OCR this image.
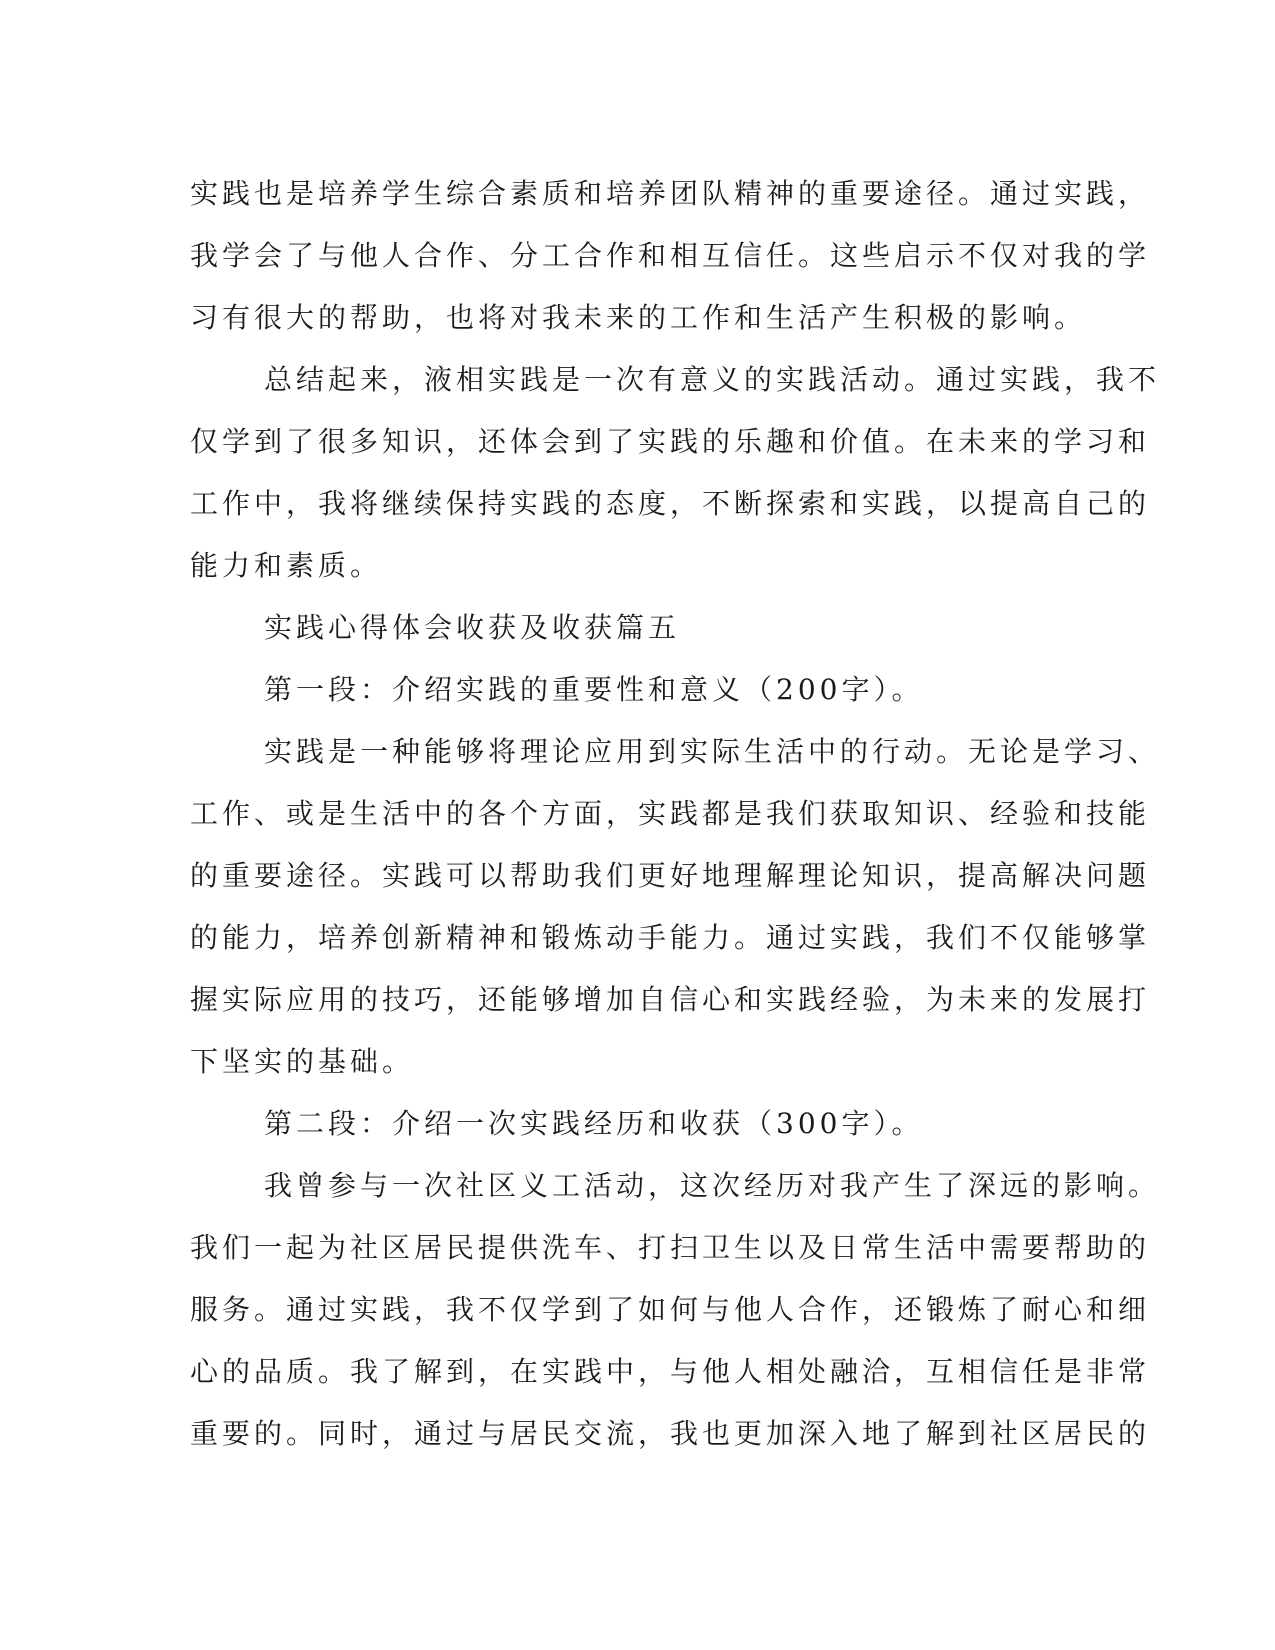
实践也是培养学生综合素质和培养团队精神的重要途径。通过实践，
我学会了与他人合作、分工合作和相互信任。这些启示不仅对我的学
习有很大的帮助，也将对我未来的工作和生活产生积极的影响。
总结起来，液相实践是一次有意义的实践活动。通过实践，我不
仅学到了很多知识，还体会到了实践的乐趣和价值。在未来的学习和
工作中，我将继续保持实践的态度，不断探索和实践，以提高自己的
能力和素质。
实践心得体会收获及收获篇五
第一段：介绍实践的重要性和意义（200字）。
实践是一种能够将理论应用到实际生活中的行动。无论是学习、
工作、或是生活中的各个方面，实践都是我们获取知识、经验和技能
的重要途径。实践可以帮助我们更好地理解理论知识，提高解决问题
的能力，培养创新精神和锻炼动手能力。通过实践，我们不仅能够掌
握实际应用的技巧，还能够增加自信心和实践经验，为未来的发展打
下坚实的基础。
第二段：介绍一次实践经历和收获（300字）。
我曾参与一次社区义工活动，这次经历对我产生了深远的影响。
我们一起为社区居民提供洗车、打扫卫生以及日常生活中需要帮助的
服务。通过实践，我不仅学到了如何与他人合作，还锻炼了耐心和细
心的品质。我了解到，在实践中，与他人相处融洽，互相信任是非常
重要的。同时，通过与居民交流，我也更加深入地了解到社区居民的
